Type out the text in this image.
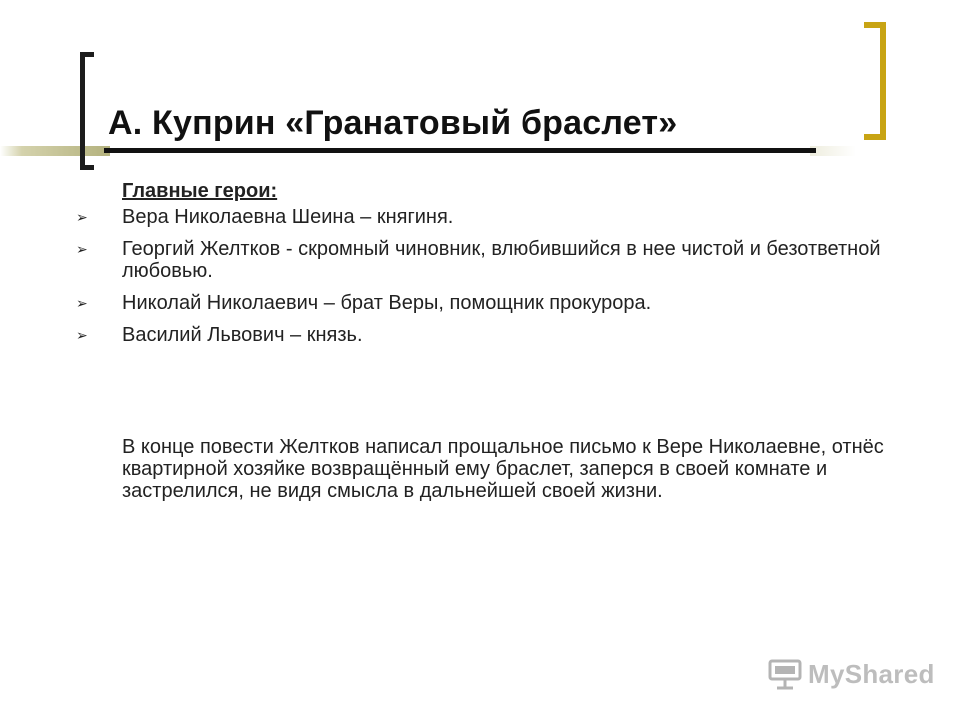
А. Куприн «Гранатовый браслет»
Главные герои:
➢ Вера Николаевна Шеина – княгиня.
➢ Георгий Желтков - скромный чиновник, влюбившийся в нее чистой и безответной любовью.
➢ Николай Николаевич – брат Веры, помощник прокурора.
➢ Василий Львович – князь.
В конце повести Желтков написал прощальное письмо к Вере Николаевне, отнёс квартирной хозяйке возвращённый ему браслет, заперся в своей комнате и застрелился, не видя смысла в дальнейшей своей жизни.
MyShared
